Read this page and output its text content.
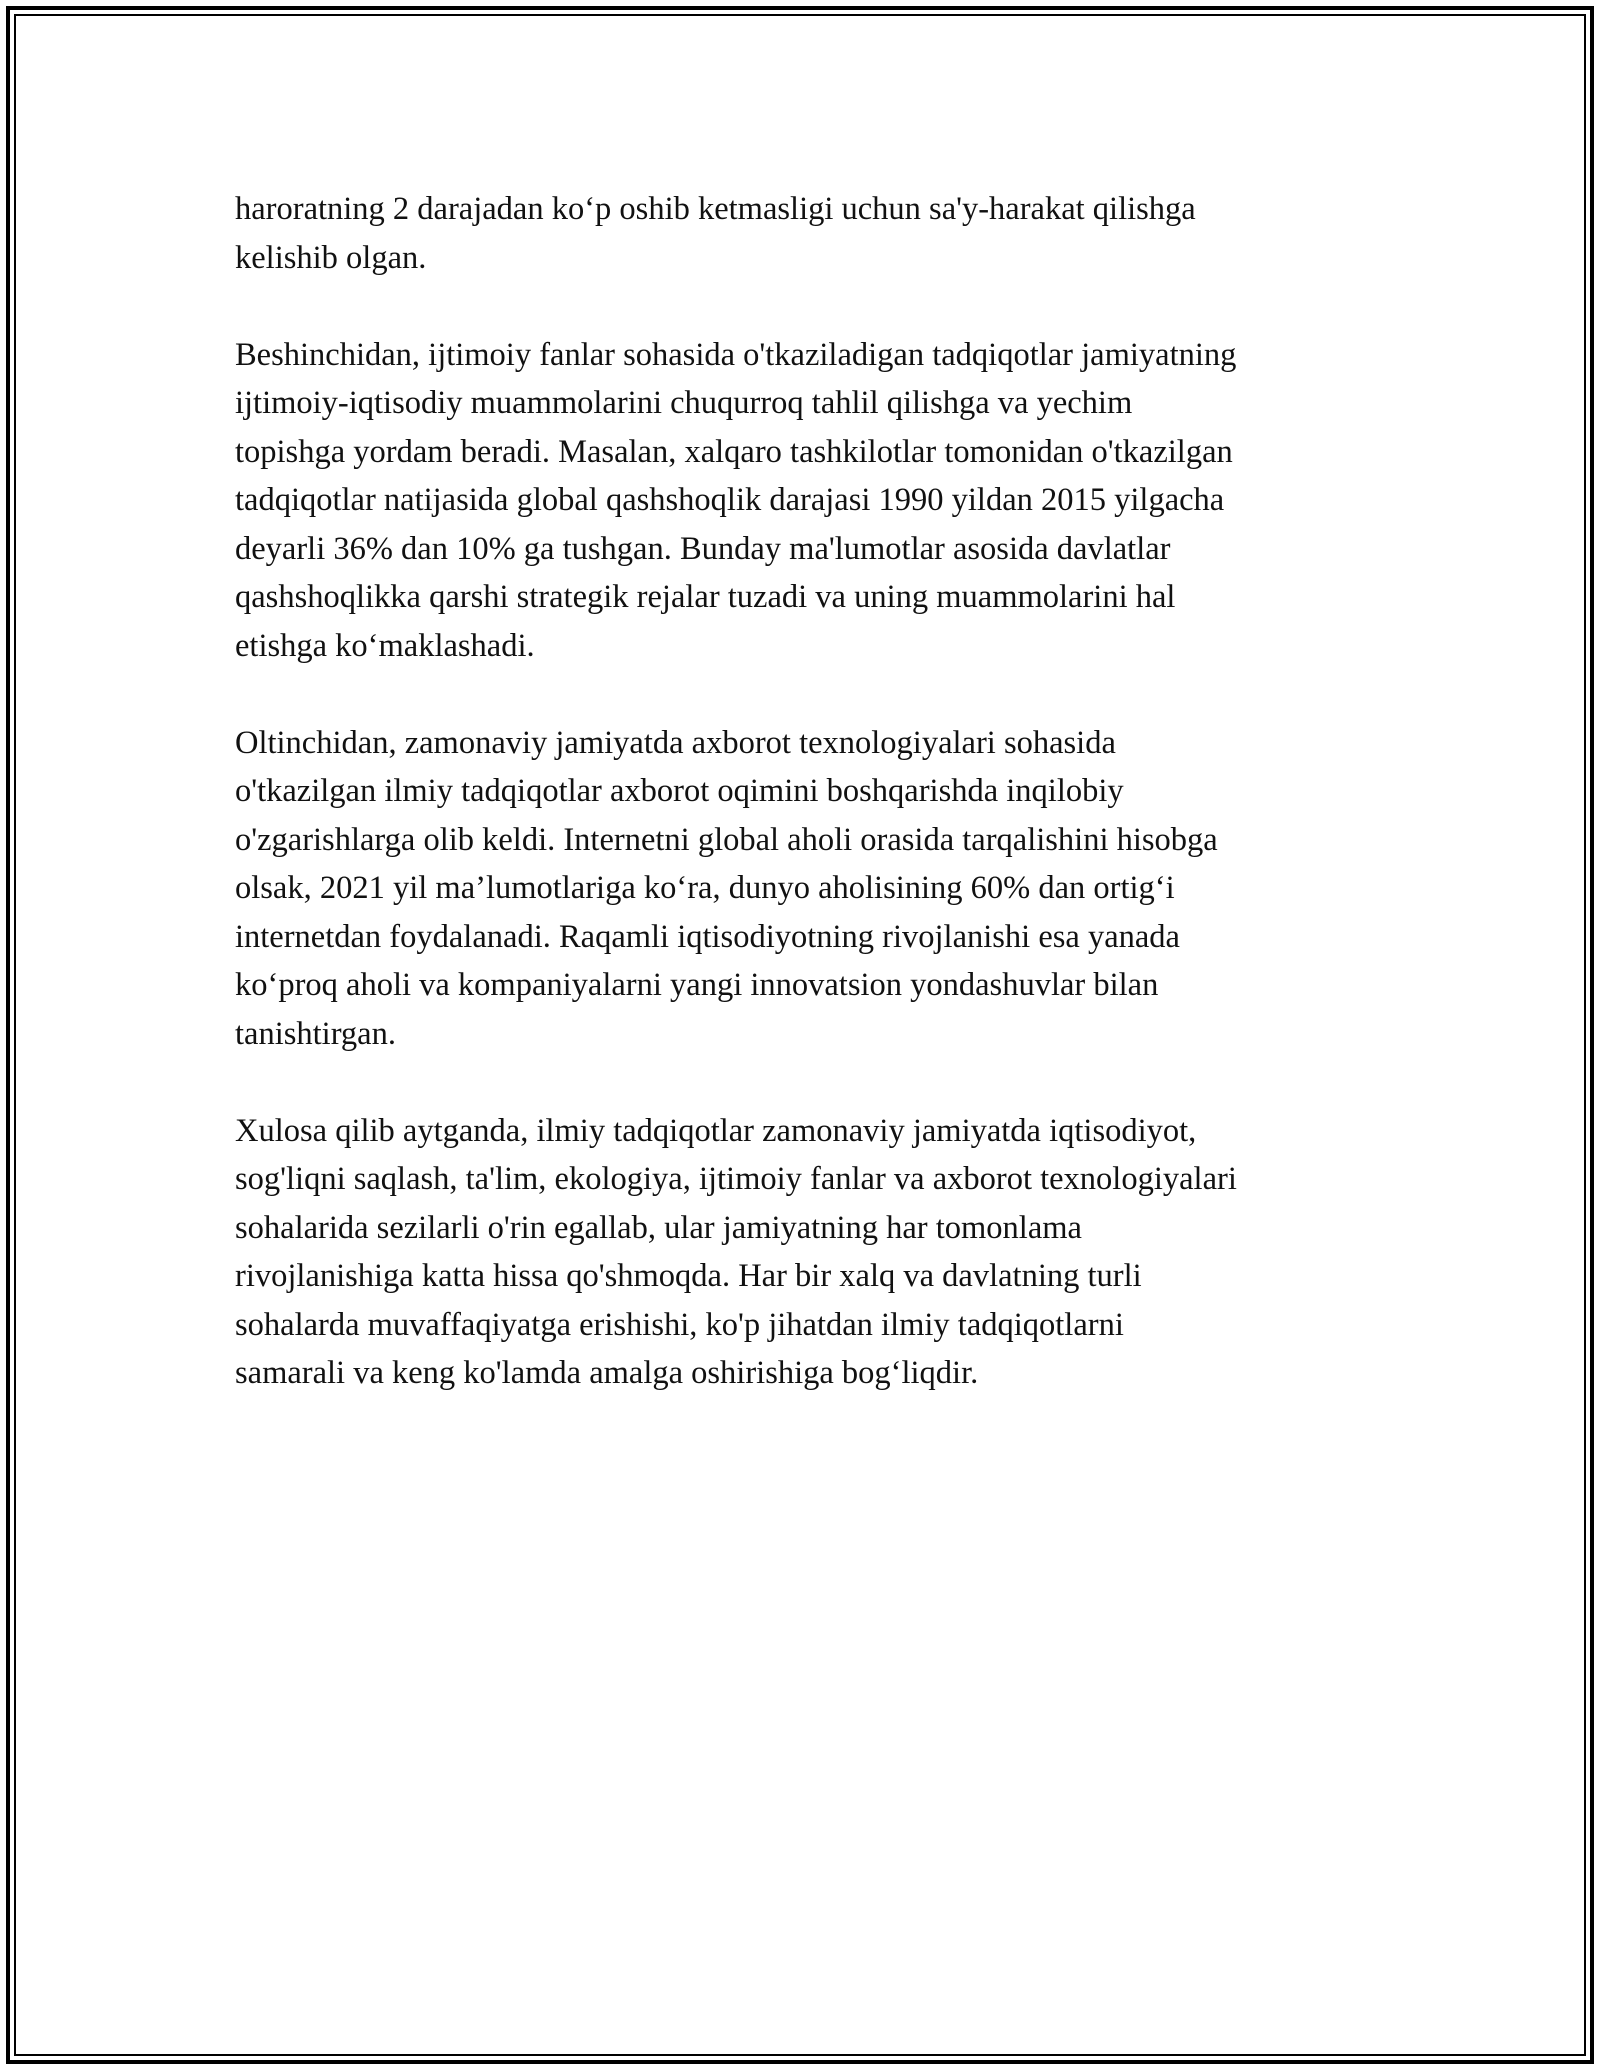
haroratning 2 darajadan ko‘p oshib ketmasligi uchun sa'y-harakat qilishga
kelishib olgan.

Beshinchidan, ijtimoiy fanlar sohasida o'tkaziladigan tadqiqotlar jamiyatning
ijtimoiy-iqtisodiy muammolarini chuqurroq tahlil qilishga va yechim
topishga yordam beradi. Masalan, xalqaro tashkilotlar tomonidan o'tkazilgan
tadqiqotlar natijasida global qashshoqlik darajasi 1990 yildan 2015 yilgacha
deyarli 36% dan 10% ga tushgan. Bunday ma'lumotlar asosida davlatlar
qashshoqlikka qarshi strategik rejalar tuzadi va uning muammolarini hal
etishga ko‘maklashadi.

Oltinchidan, zamonaviy jamiyatda axborot texnologiyalari sohasida
o'tkazilgan ilmiy tadqiqotlar axborot oqimini boshqarishda inqilobiy
o'zgarishlarga olib keldi. Internetni global aholi orasida tarqalishini hisobga
olsak, 2021 yil ma’lumotlariga ko‘ra, dunyo aholisining 60% dan ortig‘i
internetdan foydalanadi. Raqamli iqtisodiyotning rivojlanishi esa yanada
ko‘proq aholi va kompaniyalarni yangi innovatsion yondashuvlar bilan
tanishtirgan.

Xulosa qilib aytganda, ilmiy tadqiqotlar zamonaviy jamiyatda iqtisodiyot,
sog'liqni saqlash, ta'lim, ekologiya, ijtimoiy fanlar va axborot texnologiyalari
sohalarida sezilarli o'rin egallab, ular jamiyatning har tomonlama
rivojlanishiga katta hissa qo'shmoqda. Har bir xalq va davlatning turli
sohalarda muvaffaqiyatga erishishi, ko'p jihatdan ilmiy tadqiqotlarni
samarali va keng ko'lamda amalga oshirishiga bog‘liqdir.
